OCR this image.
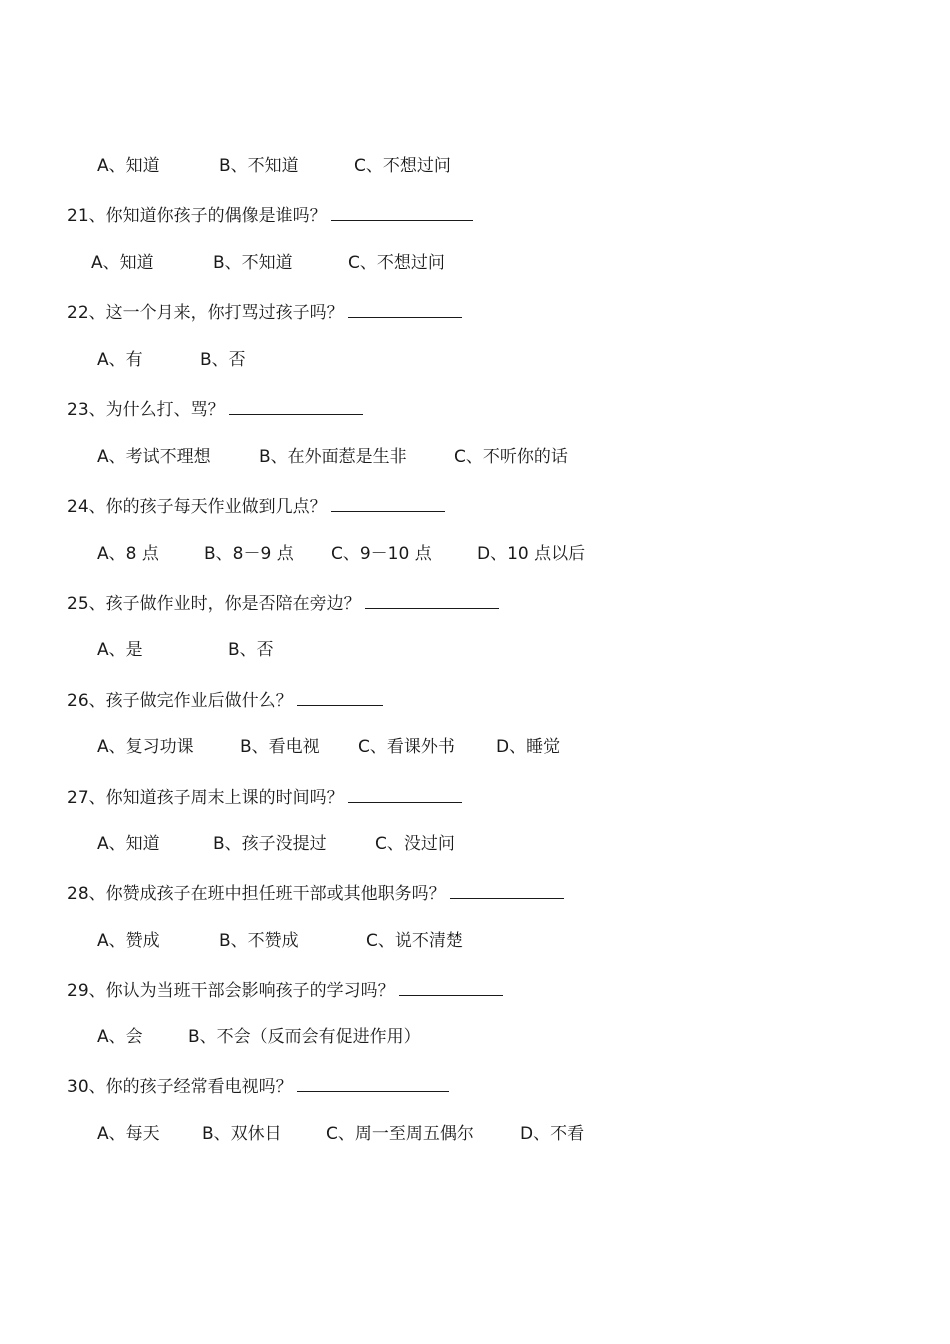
A、知道	B、不知道	C、不想过问
21、你知道你孩子的偶像是谁吗？
A、知道	B、不知道	C、不想过问
22、这一个月来，你打骂过孩子吗？
A、有	B、否
23、为什么打、骂？
A、考试不理想	B、在外面惹是生非	C、不听你的话
24、你的孩子每天作业做到几点？
A、8 点	B、8－9 点 C、9－10 点	D、10 点以后
25、孩子做作业时，你是否陪在旁边？
A、是	B、否
26、孩子做完作业后做什么？
A、复习功课	B、看电视 C、看课外书 D、睡觉
27、你知道孩子周末上课的时间吗？
A、知道	B、孩子没提过	C、没过问
28、你赞成孩子在班中担任班干部或其他职务吗？
A、赞成	B、不赞成	C、说不清楚
29、你认为当班干部会影响孩子的学习吗？
A、会	B、不会（反而会有促进作用）
30、你的孩子经常看电视吗？
A、每天 B、双休日	C、周一至周五偶尔	D、不看
